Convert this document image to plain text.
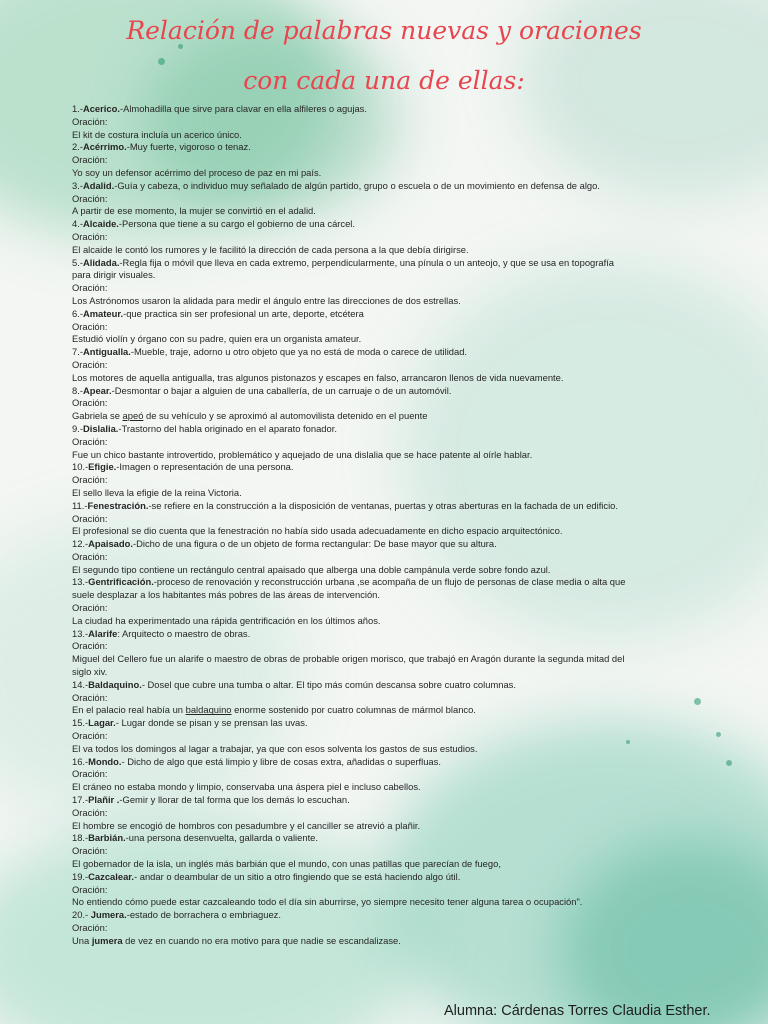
Relación de palabras nuevas y oraciones
con cada una de ellas:

1.-Acerico.-Almohadilla que sirve para clavar en ella alfileres o agujas.

Oración:

El kit de costura incluía un acerico único.

2.-Acérrimo.-Muy fuerte, vigoroso o tenaz.

Oración:

Yo soy un defensor acérrimo del proceso de paz en mi país.

3.-Adalid.-Guía y cabeza, o individuo muy señalado de algún partido, grupo o escuela o de un movimiento en defensa de algo.

Oración:

A partir de ese momento, la mujer se convirtió en el adalid.

4.-Alcaide.-Persona que tiene a su cargo el gobierno de una cárcel.

Oración:

El alcaide le contó los rumores y le facilitó la dirección de cada persona a la que debía dirigirse.

5.-Alidada.-Regla fija o móvil que lleva en cada extremo, perpendicularmente, una pínula o un anteojo, y que se usa en topografía para dirigir visuales.

Oración:

Los Astrónomos usaron la alidada para medir el ángulo entre las direcciones de dos estrellas.

6.-Amateur.-que practica sin ser profesional un arte, deporte, etcétera

Oración:

Estudió violín y órgano con su padre, quien era un organista amateur.

7.-Antigualla.-Mueble, traje, adorno u otro objeto que ya no está de moda o carece de utilidad.

Oración:

Los motores de aquella antigualla, tras algunos pistonazos y escapes en falso, arrancaron llenos de vida nuevamente.

8.-Apear.-Desmontar o bajar a alguien de una caballería, de un carruaje o de un automóvil.

Oración:

Gabriela se apeó de su vehículo y se aproximó al automovilista detenido en el puente

9.-Dislalia.-Trastorno del habla originado en el aparato fonador.

Oración:

Fue un chico bastante introvertido, problemático y aquejado de una dislalia que se hace patente al oírle hablar.

10.-Efigie.-Imagen o representación de una persona.

Oración:

El sello lleva la efigie de la reina Victoria.

11.-Fenestración.-se refiere en la construcción a la disposición de ventanas, puertas y otras aberturas en la fachada de un edificio.

Oración:

El profesional se dio cuenta que la fenestración no había sido usada adecuadamente en dicho espacio arquitectónico.

12.-Apaisado.-Dicho de una figura o de un objeto de forma rectangular: De base mayor que su altura.

Oración:

El segundo tipo contiene un rectángulo central apaisado que alberga una doble campánula verde sobre fondo azul.

13.-Gentrificación.-proceso de renovación y reconstrucción urbana ,se acompaña de un flujo de personas de clase media o alta que suele desplazar a los habitantes más pobres de las áreas de intervención.

Oración:

La ciudad ha experimentado una rápida gentrificación en los últimos años.

13.-Alarife: Arquitecto o maestro de obras.

Oración:

Miguel del Cellero fue un alarife o maestro de obras de probable origen morisco, que trabajó en Aragón durante la segunda mitad del siglo xiv.

14.-Baldaquino.- Dosel que cubre una tumba o altar. El tipo más común descansa sobre cuatro columnas.

Oración:

En el palacio real había un baldaquino enorme sostenido por cuatro columnas de mármol blanco.

15.-Lagar.- Lugar donde se pisan y se prensan las uvas.

Oración:

El va todos los domingos al lagar a trabajar, ya que con esos solventa los gastos de sus estudios.

16.-Mondo.- Dicho de algo que está limpio y libre de cosas extra, añadidas o superfluas.

Oración:

El cráneo no estaba mondo y limpio, conservaba una áspera piel e incluso cabellos.

17.-Plañir .-Gemir y llorar de tal forma que los demás lo escuchan.

Oración:

El hombre se encogió de hombros con pesadumbre y el canciller se atrevió a plañir.

18.-Barbián.-una persona desenvuelta, gallarda o valiente.

Oración:

El gobernador de la isla, un inglés más barbián que el mundo, con unas patillas que parecían de fuego,

19.-Cazcalear.- andar o deambular de un sitio a otro fingiendo que se está haciendo algo útil.

Oración:

No entiendo cómo puede estar cazcaleando todo el día sin aburrirse, yo siempre necesito tener alguna tarea o ocupación".

20.- Jumera.-estado de borrachera o embriaguez.

Oración:

Una jumera de vez en cuando no era motivo para que nadie se escandalizase.

Alumna: Cárdenas Torres Claudia Esther.
